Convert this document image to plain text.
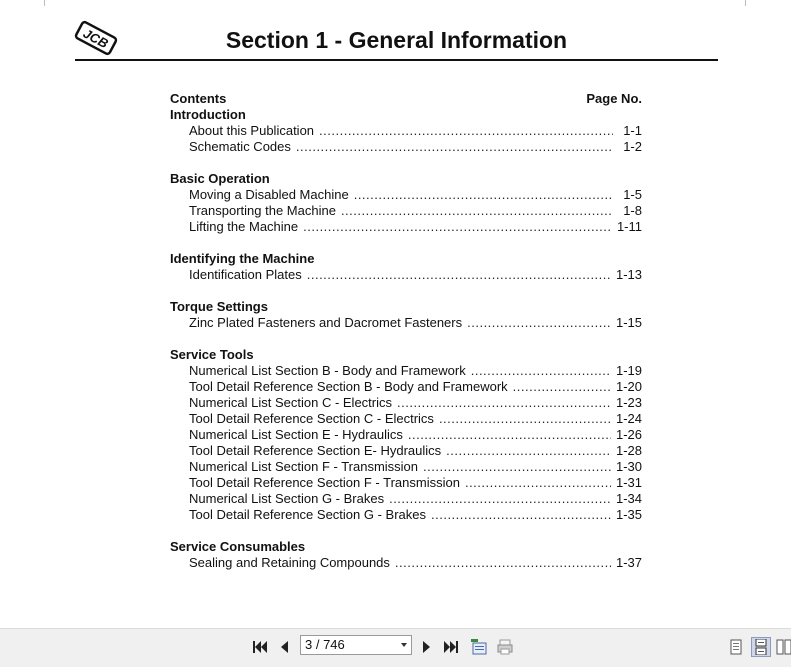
JCB	Section 1 - General Information
Contents	Page No.
Introduction
About this Publication .....	1-1
Schematic Codes .....	1-2
Basic Operation
Moving a Disabled Machine .....	1-5
Transporting the Machine .....	1-8
Lifting the Machine .....	1-11
Identifying the Machine
Identification Plates .....	1-13
Torque Settings
Zinc Plated Fasteners and Dacromet Fasteners .....	1-15
Service Tools
Numerical List Section B - Body and Framework .....	1-19
Tool Detail Reference Section B - Body and Framework .....	1-20
Numerical List Section C - Electrics .....	1-23
Tool Detail Reference Section C - Electrics .....	1-24
Numerical List Section E - Hydraulics .....	1-26
Tool Detail Reference Section E- Hydraulics .....	1-28
Numerical List Section F - Transmission .....	1-30
Tool Detail Reference Section F - Transmission .....	1-31
Numerical List Section G - Brakes .....	1-34
Tool Detail Reference Section G - Brakes .....	1-35
Service Consumables
Sealing and Retaining Compounds .....	1-37
3 / 746
